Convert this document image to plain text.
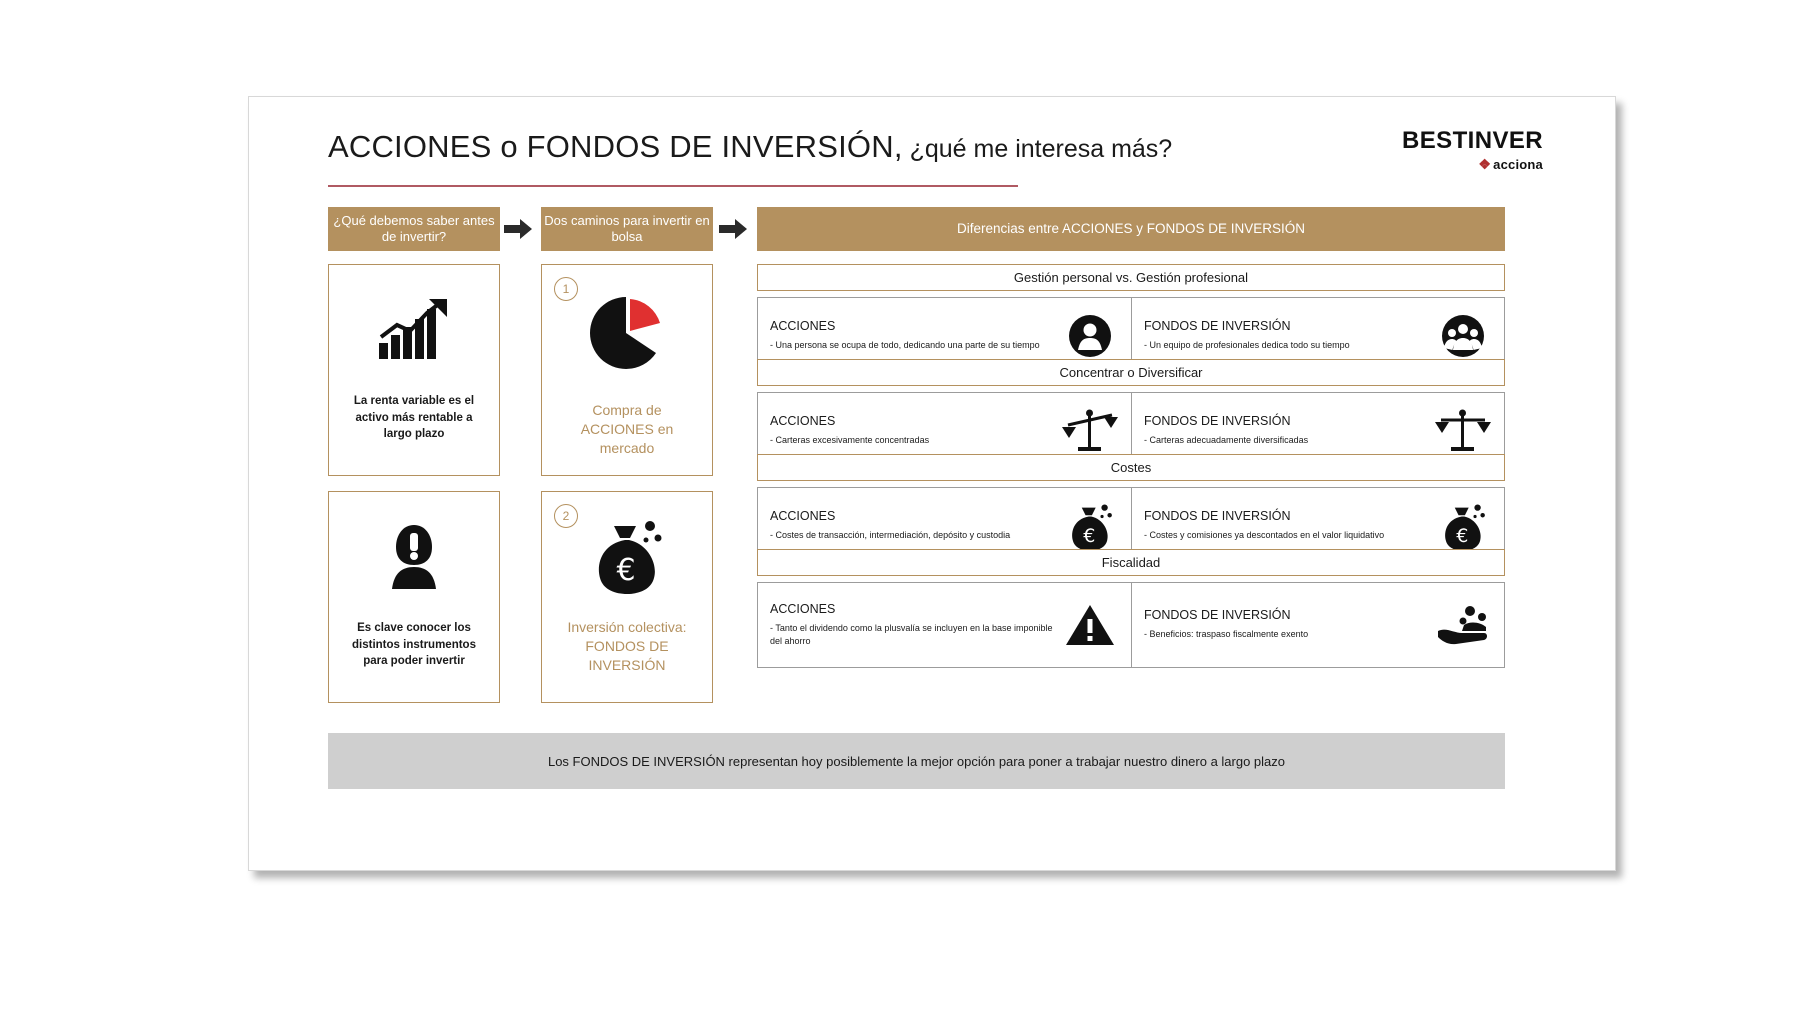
ACCIONES o FONDOS DE INVERSIÓN, ¿qué me interesa más?	BESTINVER
❖ acciona
¿Qué debemos saber antes de invertir?
Dos caminos para invertir en bolsa
Diferencias entre ACCIONES y FONDOS DE INVERSIÓN
La renta variable es el activo más rentable a largo plazo
Es clave conocer los distintos instrumentos para poder invertir
1
Compra de ACCIONES en mercado
2
€
Inversión colectiva: FONDOS DE INVERSIÓN
Gestión personal vs. Gestión profesional
ACCIONES
- Una persona se ocupa de todo, dedicando una parte de su tiempo
FONDOS DE INVERSIÓN
- Un equipo de profesionales dedica todo su tiempo
Concentrar o Diversificar
ACCIONES
- Carteras excesivamente concentradas
FONDOS DE INVERSIÓN
- Carteras adecuadamente diversificadas
Costes
ACCIONES
- Costes de transacción, intermediación, depósito y custodia	€
FONDOS DE INVERSIÓN
- Costes y comisiones ya descontados en el valor liquidativo	€
Fiscalidad
ACCIONES
- Tanto el dividendo como la plusvalía se incluyen en la base imponible del ahorro
FONDOS DE INVERSIÓN
- Beneficios: traspaso fiscalmente exento
Los FONDOS DE INVERSIÓN representan hoy posiblemente la mejor opción para poner a trabajar nuestro dinero a largo plazo
